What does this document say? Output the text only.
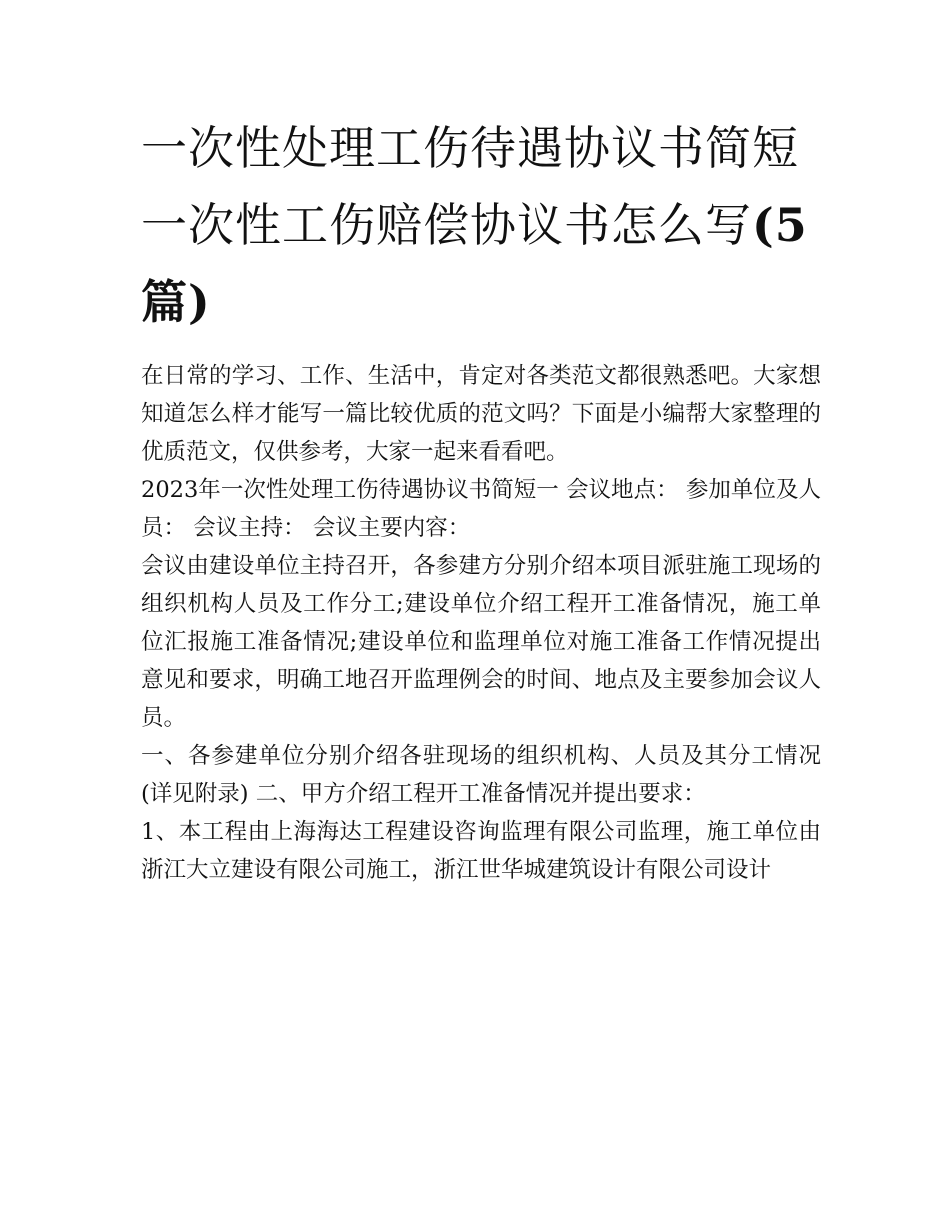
一次性处理工伤待遇协议书简短 一次性工伤赔偿协议书怎么写(5篇)

在日常的学习、工作、生活中，肯定对各类范文都很熟悉吧。大家想知道怎么样才能写一篇比较优质的范文吗？下面是小编帮大家整理的优质范文，仅供参考，大家一起来看看吧。

2023年一次性处理工伤待遇协议书简短一 会议地点： 参加单位及人员： 会议主持： 会议主要内容：

会议由建设单位主持召开，各参建方分别介绍本项目派驻施工现场的组织机构人员及工作分工;建设单位介绍工程开工准备情况，施工单位汇报施工准备情况;建设单位和监理单位对施工准备工作情况提出意见和要求，明确工地召开监理例会的时间、地点及主要参加会议人员。

一、各参建单位分别介绍各驻现场的组织机构、人员及其分工情况(详见附录) 二、甲方介绍工程开工准备情况并提出要求：

1、本工程由上海海达工程建设咨询监理有限公司监理，施工单位由浙江大立建设有限公司施工，浙江世华城建筑设计有限公司设计
